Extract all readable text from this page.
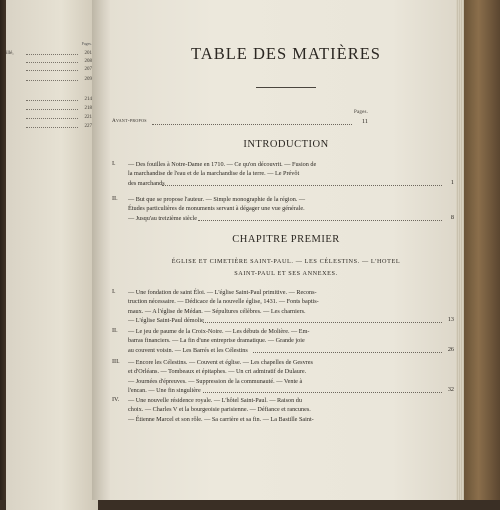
Pages.
illé,	201
208
207
209
214
218
221
227
TABLE DES MATIÈRES
Pages.
Avant-propos	11
INTRODUCTION
I.	— Des fouilles à Notre-Dame en 1710. — Ce qu'on découvrit. — Fusion de
la marchandise de l'eau et de la marchandise de la terre. — Le Prévôt
des marchands	1
II.	— But que se propose l'auteur. — Simple monographie de la région. —
Études particulières de monuments servant à dégager une vue générale.
— Jusqu'au treizième siècle	8
CHAPITRE PREMIER
ÉGLISE ET CIMETIÈRE SAINT-PAUL. — LES CÉLESTINS. — L'HOTEL
SAINT-PAUL ET SES ANNEXES.
I.	— Une fondation de saint Éloi. — L'église Saint-Paul primitive. — Recons-
truction nécessaire. — Dédicace de la nouvelle église, 1431. — Fonts baptis-
maux. — A l'église de Médan. — Sépultures célèbres. — Les charniers.
— L'église Saint-Paul démolie	13
II.	— Le jeu de paume de la Croix-Noire. — Les débuts de Molière. — Em-
barras financiers. — La fin d'une entreprise dramatique. — Grande joie
au couvent voisin. — Les Barrés et les Célestins	26
III.	— Encore les Célestins. — Couvent et église. — Les chapelles de Gesvres
et d'Orléans. — Tombeaux et épitaphes. — Un cri admiratif de Dulaure.
— Journées d'épreuves. — Suppression de la communauté. — Vente à
l'encan. — Une fin singulière	32
IV.	— Une nouvelle résidence royale. — L'hôtel Saint-Paul. — Raison du
choix. — Charles V et la bourgeoisie parisienne. — Défiance et rancunes.
— Étienne Marcel et son rôle. — Sa carrière et sa fin. — La Bastille Saint-
